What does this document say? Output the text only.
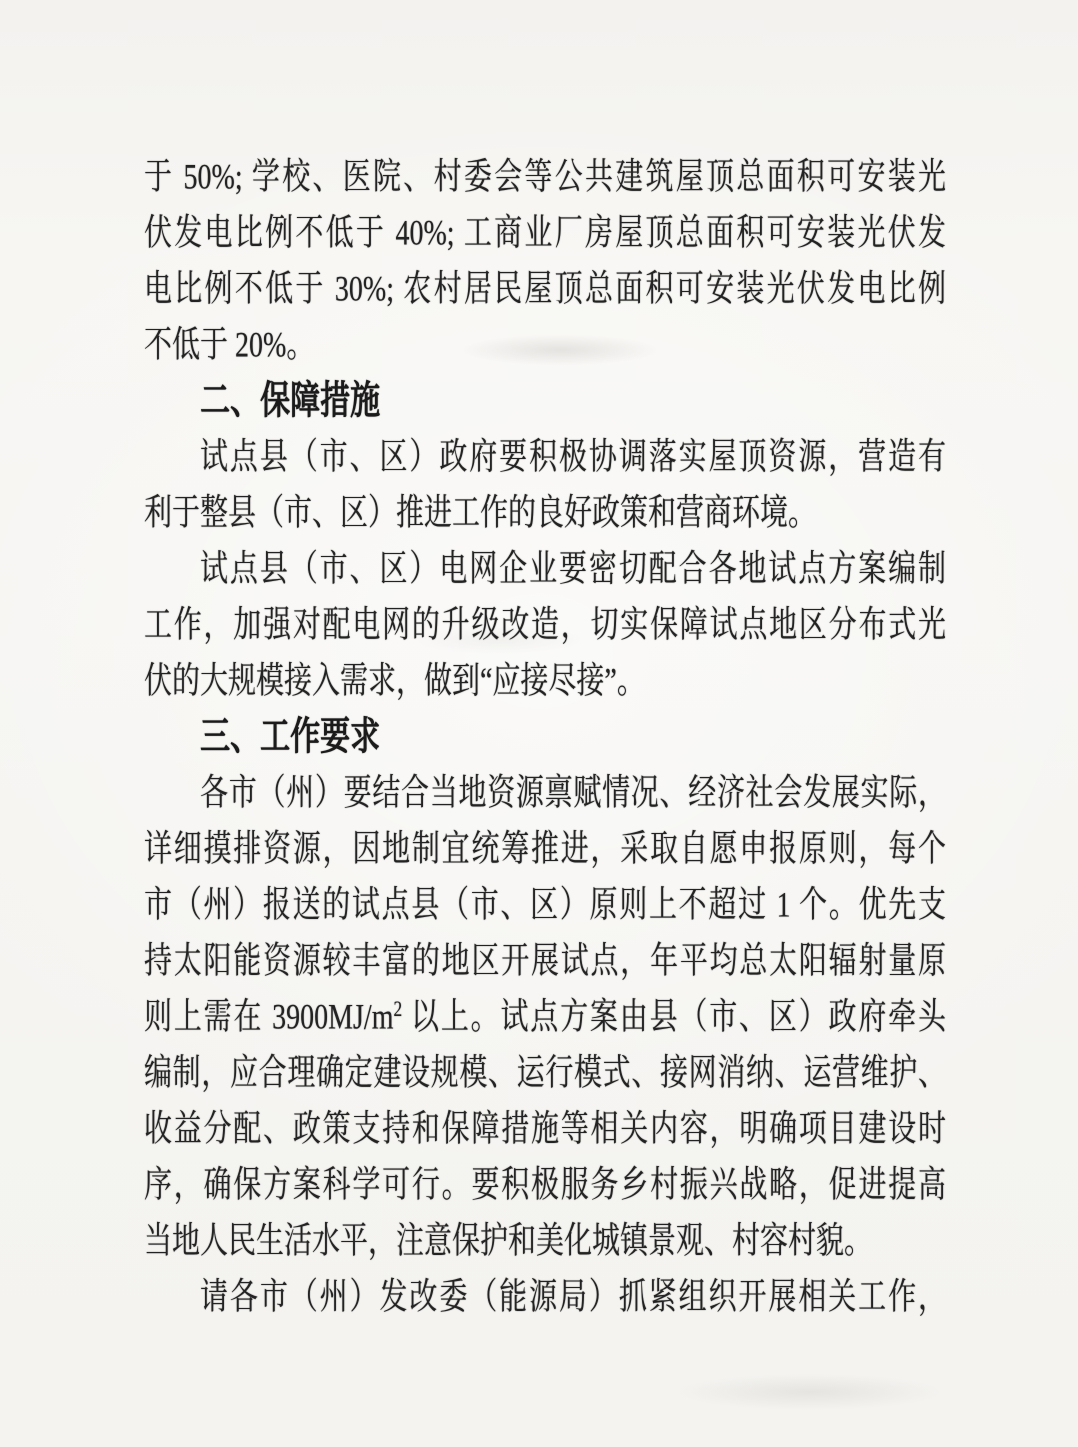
于 50%; 学校、医院、村委会等公共建筑屋顶总面积可安装光
伏发电比例不低于 40%; 工商业厂房屋顶总面积可安装光伏发
电比例不低于 30%; 农村居民屋顶总面积可安装光伏发电比例
不低于 20%。
二、保障措施
试点县（市、区）政府要积极协调落实屋顶资源，营造有
利于整县（市、区）推进工作的良好政策和营商环境。
试点县（市、区）电网企业要密切配合各地试点方案编制
工作，加强对配电网的升级改造，切实保障试点地区分布式光
伏的大规模接入需求，做到“应接尽接”。
三、工作要求
各市（州）要结合当地资源禀赋情况、经济社会发展实际，
详细摸排资源，因地制宜统筹推进，采取自愿申报原则，每个
市（州）报送的试点县（市、区）原则上不超过 1 个。优先支
持太阳能资源较丰富的地区开展试点，年平均总太阳辐射量原
则上需在 $3900MJ/m^2$ 以上。试点方案由县（市、区）政府牵头
编制，应合理确定建设规模、运行模式、接网消纳、运营维护、
收益分配、政策支持和保障措施等相关内容，明确项目建设时
序，确保方案科学可行。要积极服务乡村振兴战略，促进提高
当地人民生活水平，注意保护和美化城镇景观、村容村貌。
请各市（州）发改委（能源局）抓紧组织开展相关工作，
